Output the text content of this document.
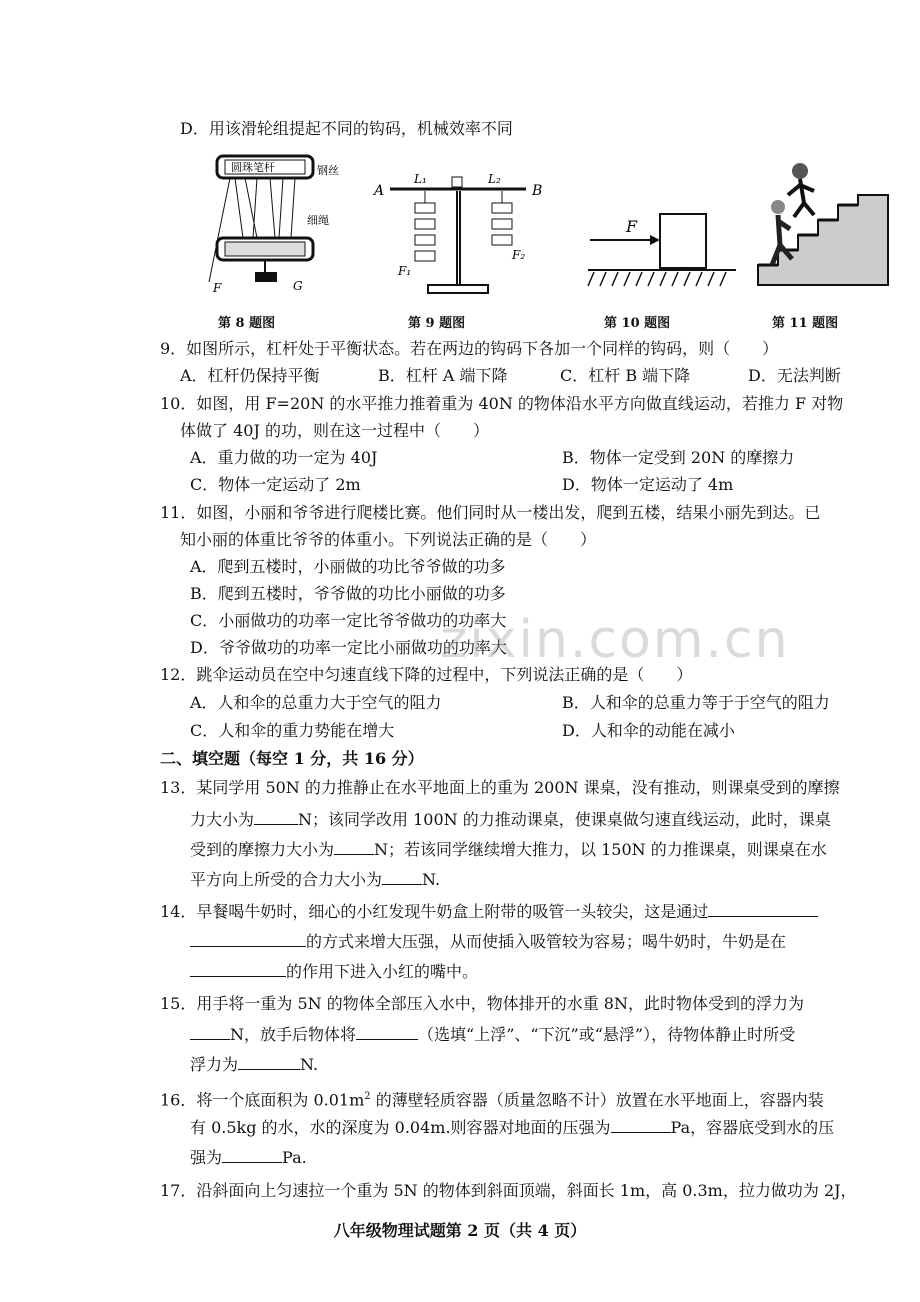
D．用该滑轮组提起不同的钩码，机械效率不同
圆珠笔杆	钢丝
细绳
F	G
A	B
L₁	L₂
F₁
F₂
F
第 8 题图	第 9 题图	第 10 题图	第 11 题图
9．如图所示，杠杆处于平衡状态。若在两边的钩码下各加一个同样的钩码，则（　　）
A．杠杆仍保持平衡	B．杠杆 A 端下降	C．杠杆 B 端下降	D．无法判断
10．如图，用 F=20N 的水平推力推着重为 40N 的物体沿水平方向做直线运动，若推力 F 对物
体做了 40J 的功，则在这一过程中（　　）
A．重力做的功一定为 40J	B．物体一定受到 20N 的摩擦力
C．物体一定运动了 2m	D．物体一定运动了 4m
11．如图，小丽和爷爷进行爬楼比赛。他们同时从一楼出发，爬到五楼，结果小丽先到达。已
知小丽的体重比爷爷的体重小。下列说法正确的是（　　）
A．爬到五楼时，小丽做的功比爷爷做的功多
B．爬到五楼时，爷爷做的功比小丽做的功多
C．小丽做功的功率一定比爷爷做功的功率大
D．爷爷做功的功率一定比小丽做功的功率大
12．跳伞运动员在空中匀速直线下降的过程中，下列说法正确的是（　　）
A．人和伞的总重力大于空气的阻力	B．人和伞的总重力等于于空气的阻力
C．人和伞的重力势能在增大	D．人和伞的动能在减小
二、填空题（每空 1 分，共 16 分）
13．某同学用 50N 的力推静止在水平地面上的重为 200N 课桌，没有推动，则课桌受到的摩擦
力大小为	N；该同学改用 100N 的力推动课桌，使课桌做匀速直线运动，此时，课桌
受到的摩擦力大小为	N；若该同学继续增大推力，以 150N 的力推课桌，则课桌在水
平方向上所受的合力大小为	N.
14．早餐喝牛奶时，细心的小红发现牛奶盒上附带的吸管一头较尖，这是通过
的方式来增大压强，从而使插入吸管较为容易；喝牛奶时，牛奶是在
的作用下进入小红的嘴中。
15．用手将一重为 5N 的物体全部压入水中，物体排开的水重 8N，此时物体受到的浮力为
N，放手后物体将	（选填“上浮”、“下沉”或“悬浮”），待物体静止时所受
浮力为	N.
16．将一个底面积为 $0.01m^2$ 的薄壁轻质容器（质量忽略不计）放置在水平地面上，容器内装
有 0.5kg 的水，水的深度为 0.04m.则容器对地面的压强为	Pa，容器底受到水的压
强为	Pa.
17．沿斜面向上匀速拉一个重为 5N 的物体到斜面顶端，斜面长 1m，高 0.3m，拉力做功为 2J，
zixin.com.cn
八年级物理试题第 2 页（共 4 页）
